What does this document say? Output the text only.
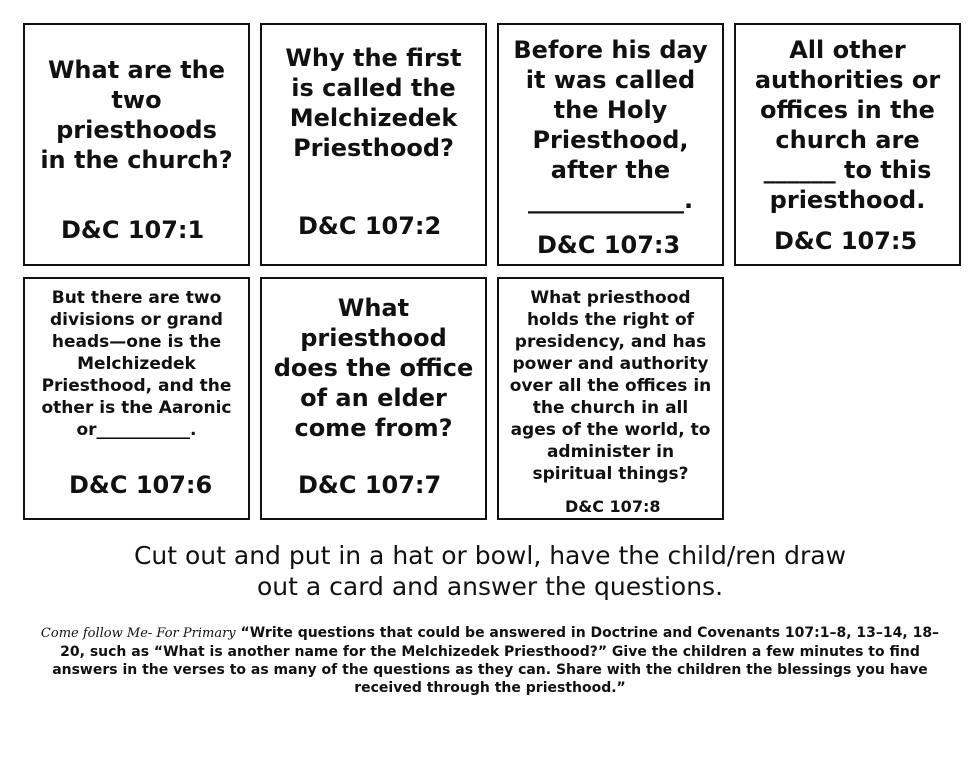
What are the
two priesthoods
in the church?
D&C 107:1
Why the first
is called the
Melchizedek
Priesthood?
D&C 107:2
Before his day
it was called
the Holy
Priesthood,
after the
_____________.
D&C 107:3
All other
authorities or
offices in the
church are
______ to this
priesthood.
D&C 107:5
But there are two
divisions or grand
heads—one is the
Melchizedek
Priesthood, and the
other is the Aaronic
or___________.
D&C 107:6
What
priesthood
does the office
of an elder
come from?
D&C 107:7
What priesthood
holds the right of
presidency, and has
power and authority
over all the offices in
the church in all
ages of the world, to
administer in
spiritual things?
D&C 107:8
Cut out and put in a hat or bowl, have the child/ren draw
out a card and answer the questions.
Come follow Me- For Primary “Write questions that could be answered in Doctrine and Covenants 107:1–8, 13–14, 18–20, such as “What is another name for the Melchizedek Priesthood?” Give the children a few minutes to find answers in the verses to as many of the questions as they can. Share with the children the blessings you have received through the priesthood.”
